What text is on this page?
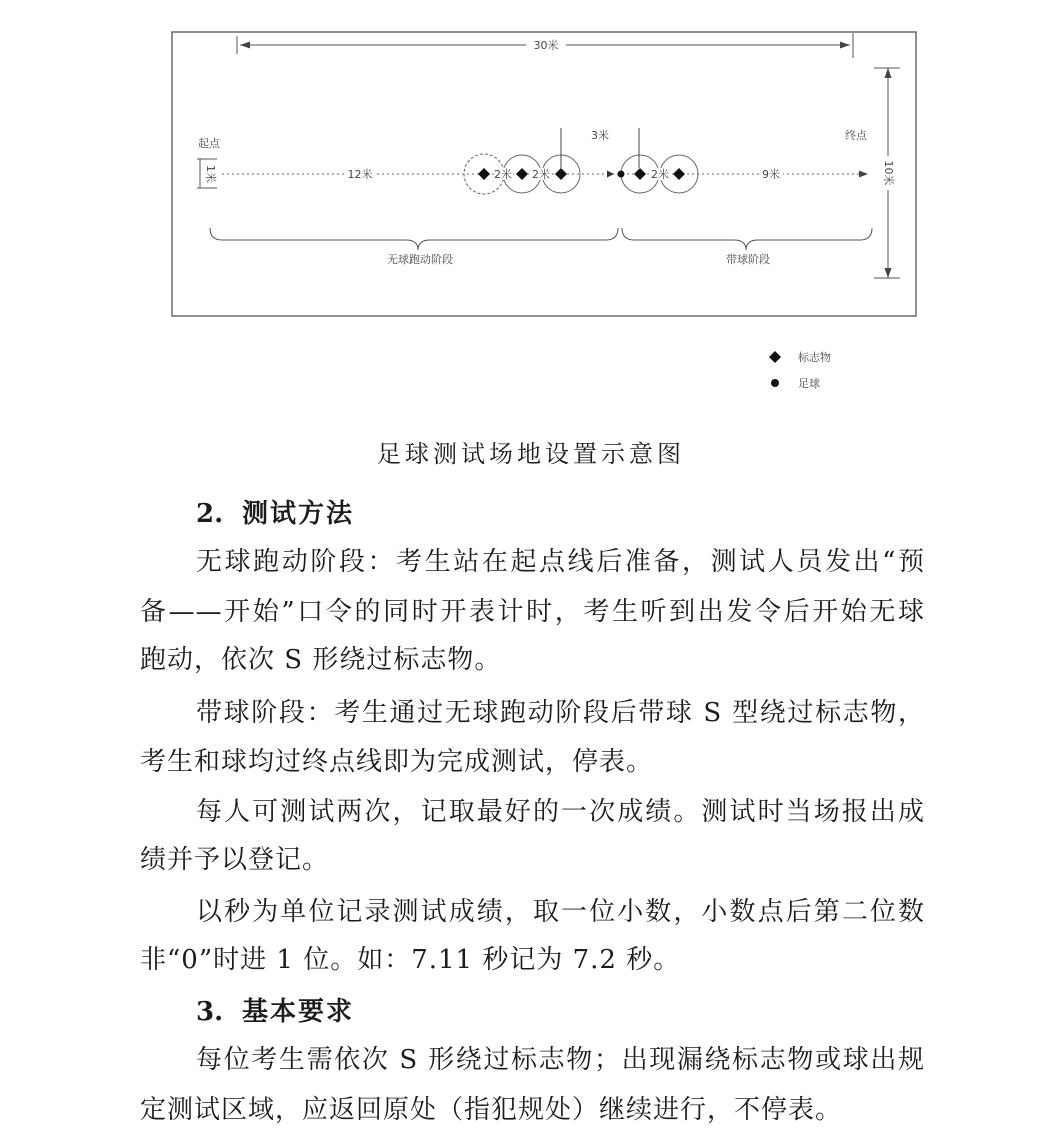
30米
10米
起点
1米	12米	9米
2米 2米	2米
3米	终点
无球跑动阶段	带球阶段
标志物
足球
足球测试场地设置示意图
2. 测试方法
无球跑动阶段：考生站在起点线后准备，测试人员发出“预
备——开始”口令的同时开表计时，考生听到出发令后开始无球
跑动，依次 S 形绕过标志物。
带球阶段：考生通过无球跑动阶段后带球 S 型绕过标志物，
考生和球均过终点线即为完成测试，停表。
每人可测试两次，记取最好的一次成绩。测试时当场报出成
绩并予以登记。
以秒为单位记录测试成绩，取一位小数，小数点后第二位数
非“0”时进 1 位。如：7.11 秒记为 7.2 秒。
3. 基本要求
每位考生需依次 S 形绕过标志物；出现漏绕标志物或球出规
定测试区域，应返回原处（指犯规处）继续进行，不停表。
